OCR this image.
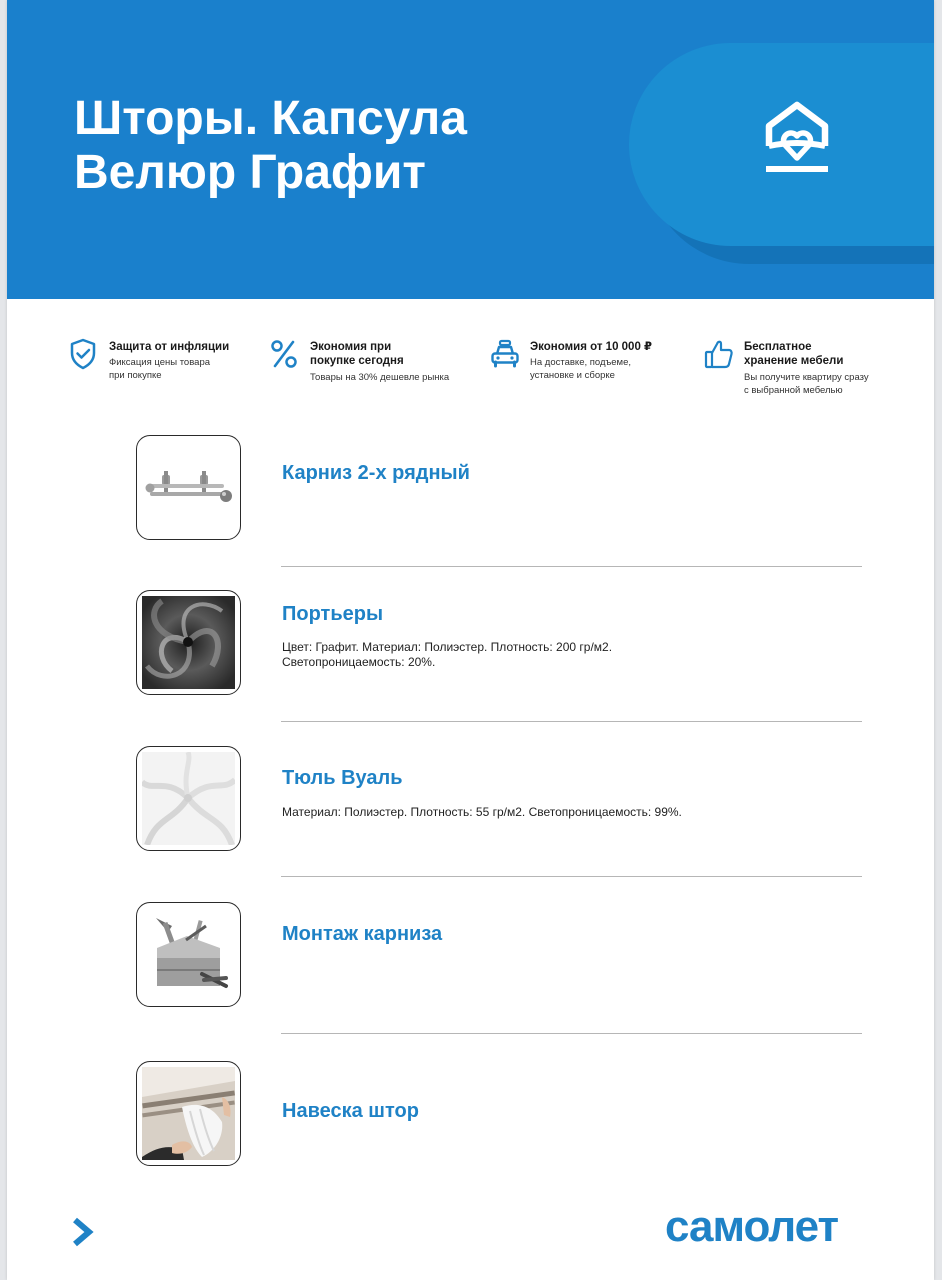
Шторы. Капсула
Велюр Графит
Защита от инфляции
Фиксация цены товара при покупке
Экономия при покупке сегодня
Товары на 30% дешевле рынка
Экономия от 10 000 ₽
На доставке, подъеме, установке и сборке
Бесплатное хранение мебели
Вы получите квартиру сразу с выбранной мебелью
Карниз 2-х рядный
Портьеры
Цвет: Графит. Материал: Полиэстер. Плотность: 200 гр/м2. Светопроницаемость: 20%.
Тюль Вуаль
Материал: Полиэстер. Плотность: 55 гр/м2. Светопроницаемость: 99%.
Монтаж карниза
Навеска штор
самолет
